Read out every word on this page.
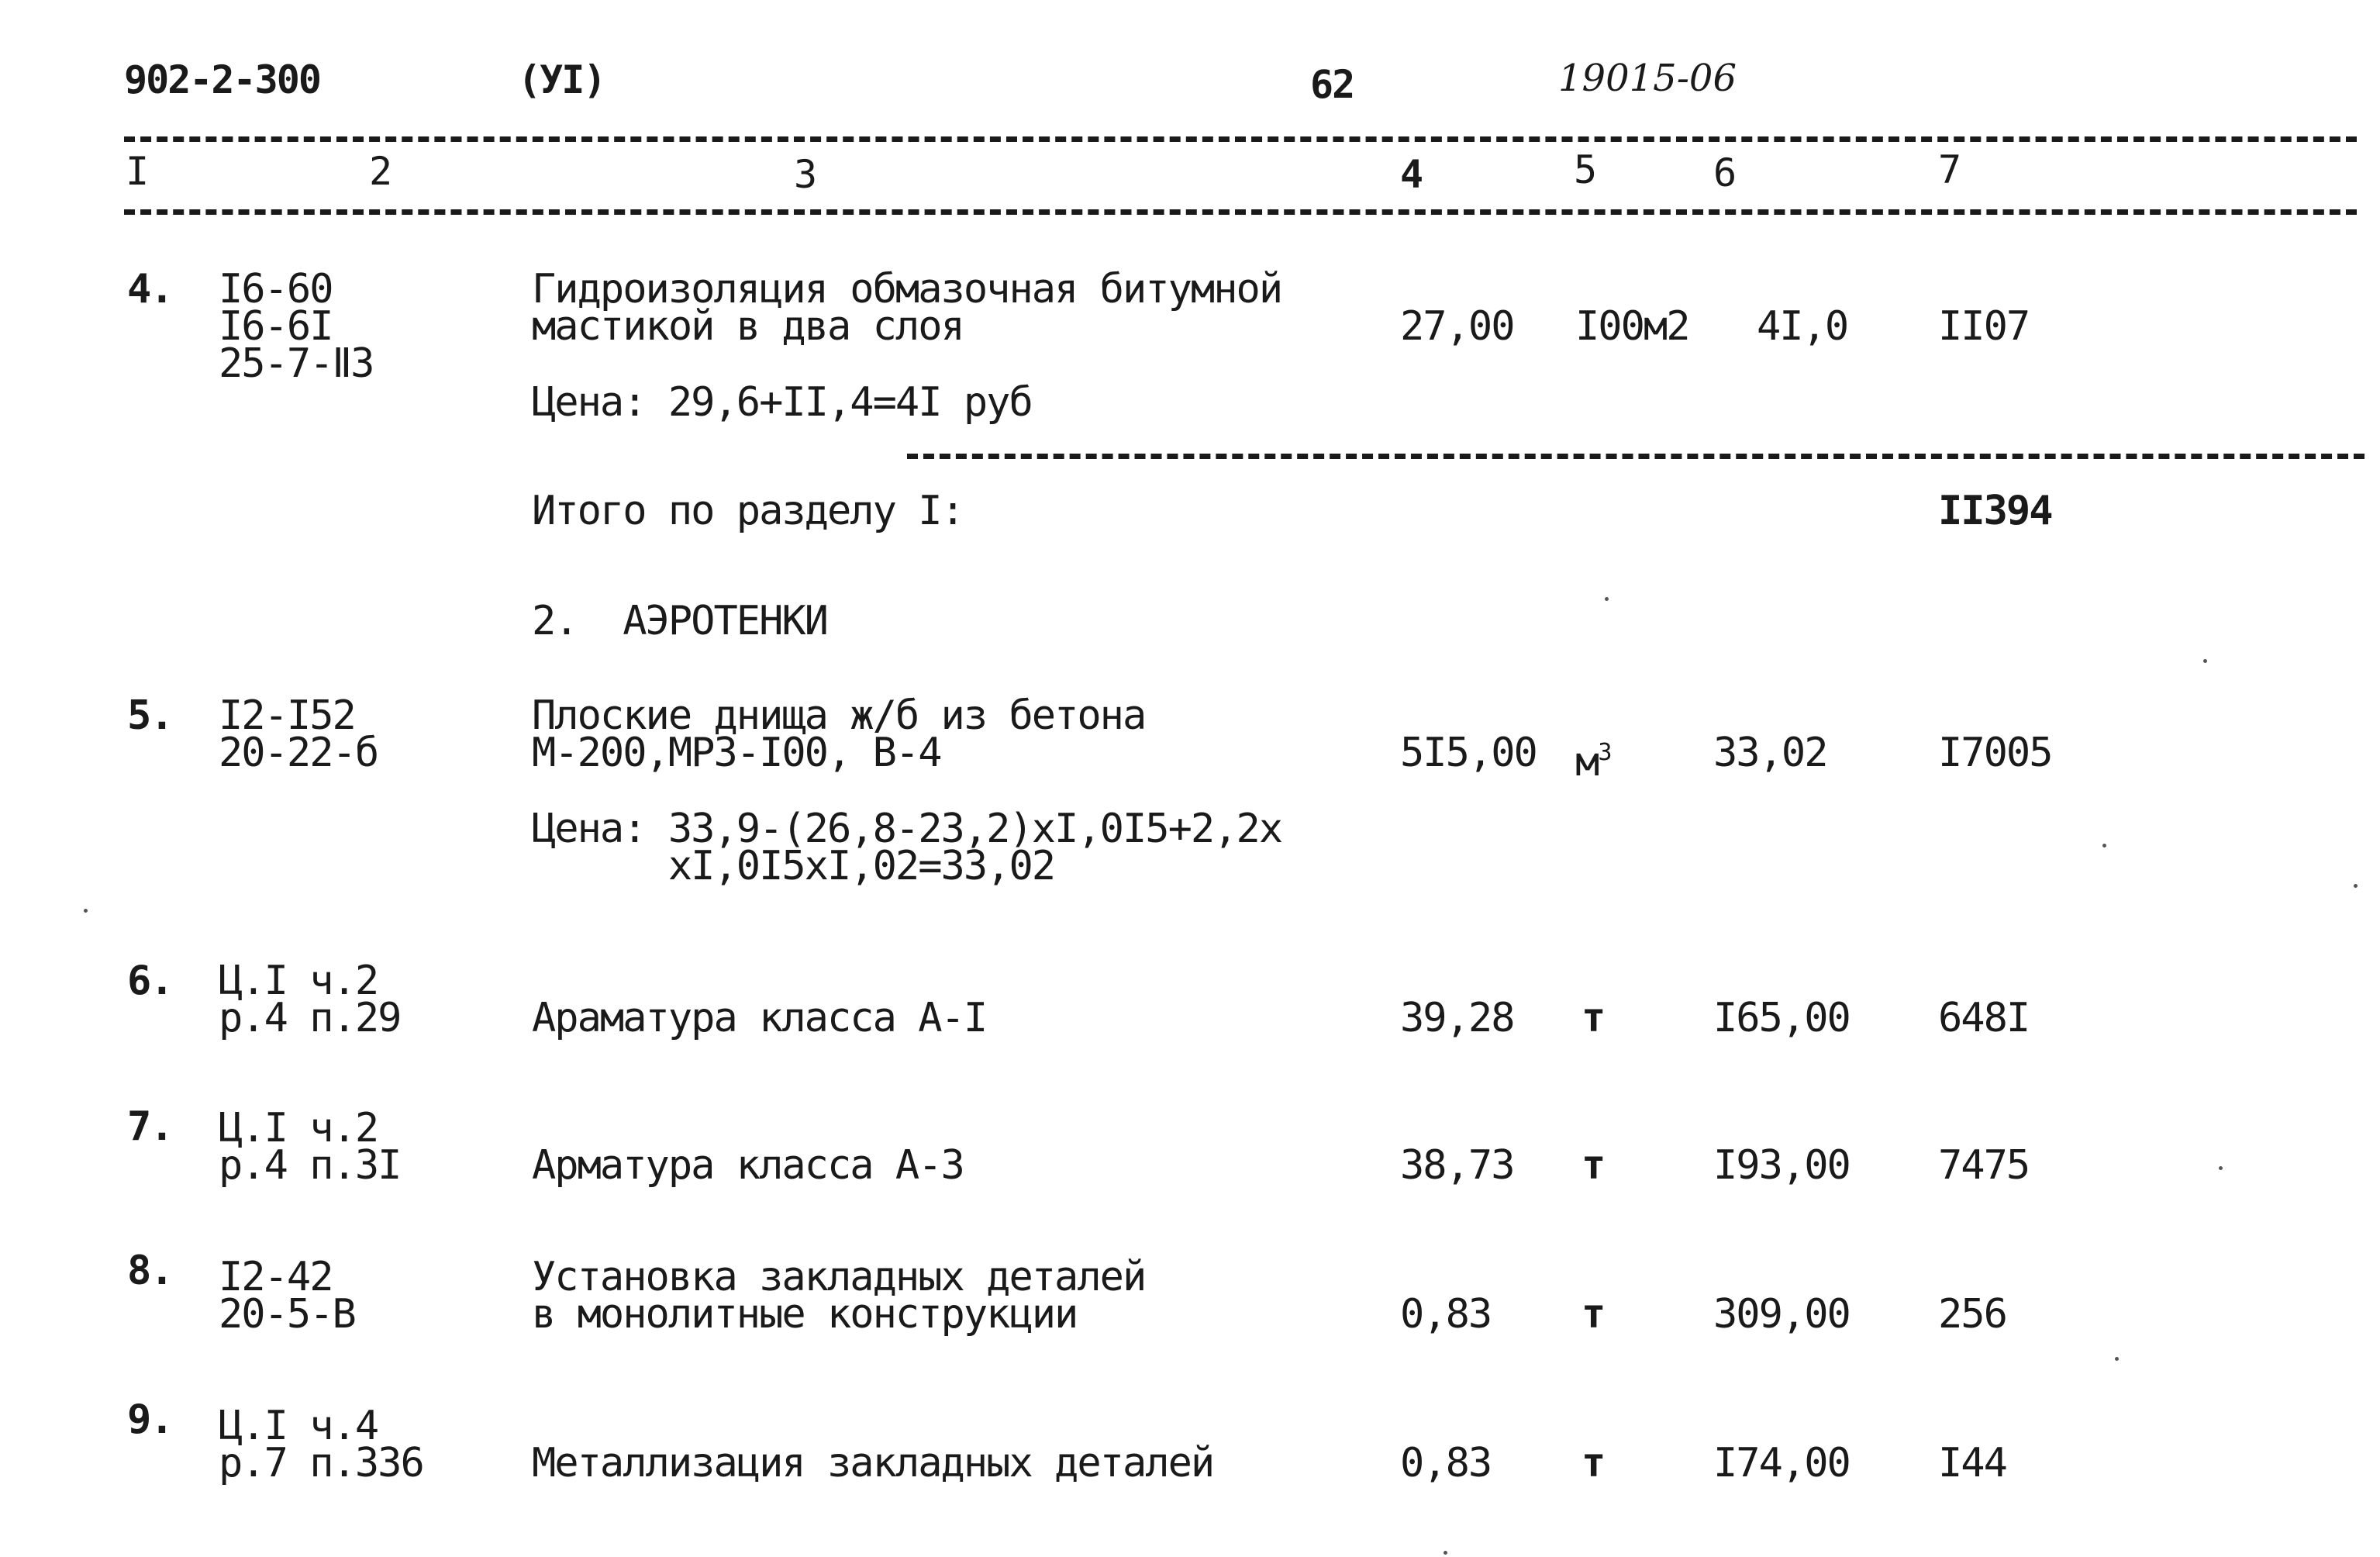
902-2-300	(УI)	62	19015-06
I	2	3	4	5	6	7
4. I6-60
I6-6I
25-7-ⅡЗ
Гидроизоляция обмазочная битумной
мастикой в два слоя
Цена: 29,6+II,4=4I руб
27,00 I00м2 4I,0 II07
Итого по разделу I:	II394
2.  АЭРОТЕНКИ
5. I2-I52
20-22-б
Плоские днища ж/б из бетона
М-200,МРЗ-I00, В-4
Цена: 33,9-(26,8-23,2)хI,0I5+2,2х
хI,0I5хI,02=33,02
5I5,00 $м^3$	33,02	I7005
6. Ц.I ч.2
р.4 п.29	Араматура класса А-I	39,28 т	I65,00 648I
7. Ц.I ч.2
р.4 п.3I	Арматура класса А-3	38,73 т	I93,00 7475
8. I2-42
20-5-В
Установка закладных деталей
в монолитные конструкции	0,83 т	309,00 256
9. Ц.I ч.4
р.7 п.336	Металлизация закладных деталей	0,83 т	I74,00 I44
